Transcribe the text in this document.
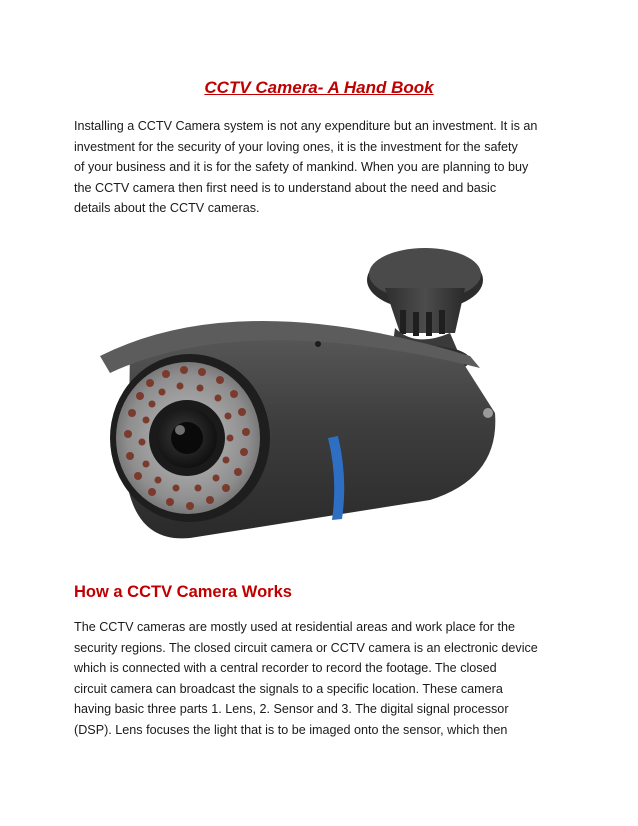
CCTV Camera- A Hand Book

Installing a CCTV Camera system is not any expenditure but an investment. It is an
investment for the security of your loving ones, it is the investment for the safety
of your business and it is for the safety of mankind. When you are planning to buy
the CCTV camera then first need is to understand about the need and basic
details about the CCTV cameras.

How a CCTV Camera Works

The CCTV cameras are mostly used at residential areas and work place for the
security regions. The closed circuit camera or CCTV camera is an electronic device
which is connected with a central recorder to record the footage. The closed
circuit camera can broadcast the signals to a specific location. These camera
having basic three parts 1. Lens, 2. Sensor and 3. The digital signal processor
(DSP). Lens focuses the light that is to be imaged onto the sensor, which then
